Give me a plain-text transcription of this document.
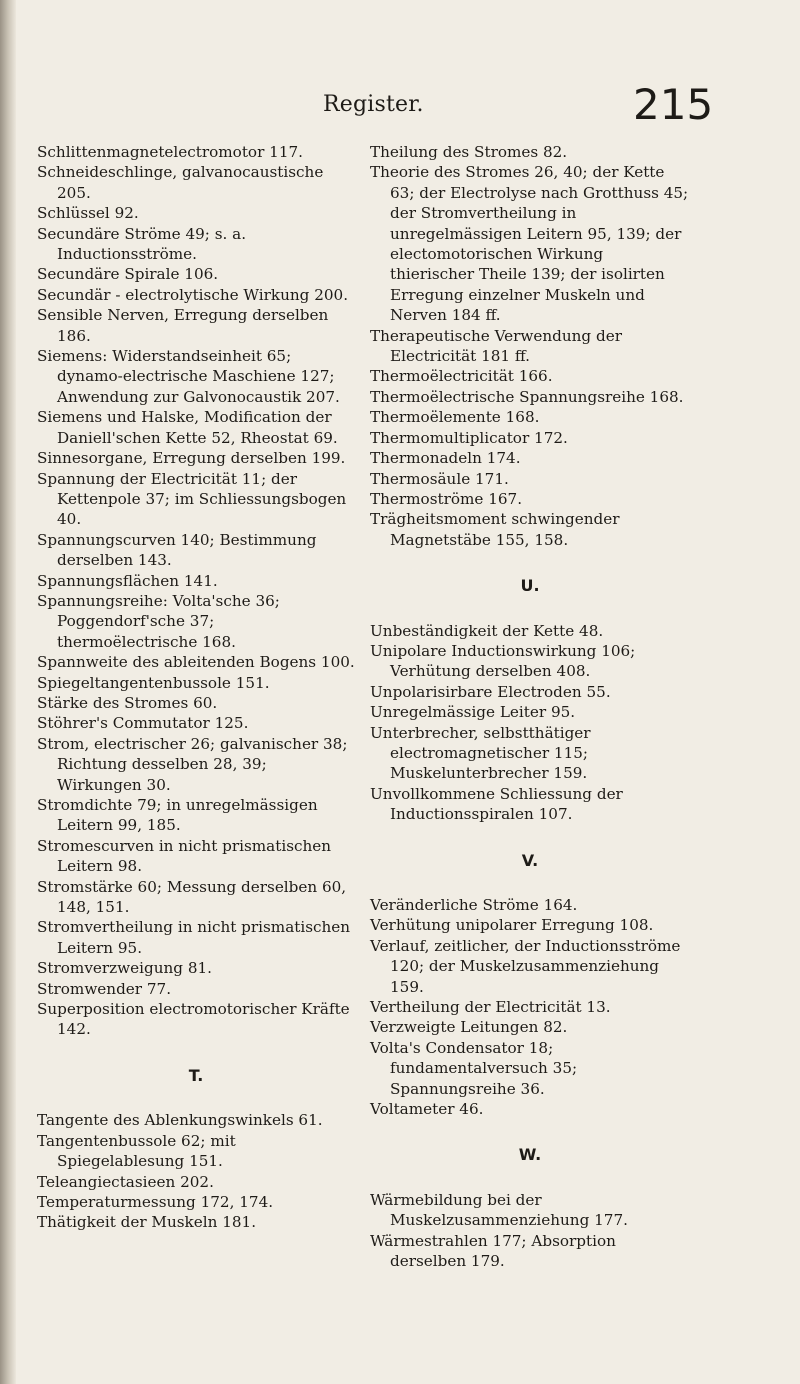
Register.	215

Schlittenmagnetelectromotor 117.

Schneideschlinge, galvanocaustische 205.

Schlüssel 92.

Secundäre Ströme 49; s. a. Inductionsströme.

Secundäre Spirale 106.

Secundär - electrolytische Wirkung 200.

Sensible Nerven, Erregung derselben 186.

Siemens: Widerstandseinheit 65; dynamo-electrische Maschiene 127; Anwendung zur Galvonocaustik 207.

Siemens und Halske, Modification der Daniell'schen Kette 52, Rheostat 69.

Sinnesorgane, Erregung derselben 199.

Spannung der Electricität 11; der Kettenpole 37; im Schliessungsbogen 40.

Spannungscurven 140; Bestimmung derselben 143.

Spannungsflächen 141.

Spannungsreihe: Volta'sche 36; Poggendorf'sche 37; thermoëlectrische 168.

Spannweite des ableitenden Bogens 100.

Spiegeltangentenbussole 151.

Stärke des Stromes 60.

Stöhrer's Commutator 125.

Strom, electrischer 26; galvanischer 38; Richtung desselben 28, 39; Wirkungen 30.

Stromdichte 79; in unregelmässigen Leitern 99, 185.

Stromescurven in nicht prismatischen Leitern 98.

Stromstärke 60; Messung derselben 60, 148, 151.

Stromvertheilung in nicht prismatischen Leitern 95.

Stromverzweigung 81.

Stromwender 77.

Superposition electromotorischer Kräfte 142.

T.

Tangente des Ablenkungswinkels 61.

Tangentenbussole 62; mit Spiegelablesung 151.

Teleangiectasieen 202.

Temperaturmessung 172, 174.

Thätigkeit der Muskeln 181.

Theilung des Stromes 82.

Theorie des Stromes 26, 40; der Kette 63; der Electrolyse nach Grotthuss 45; der Stromvertheilung in unregelmässigen Leitern 95, 139; der electomotorischen Wirkung thierischer Theile 139; der isolirten Erregung einzelner Muskeln und Nerven 184 ff.

Therapeutische Verwendung der Electricität 181 ff.

Thermoëlectricität 166.

Thermoëlectrische Spannungsreihe 168.

Thermoëlemente 168.

Thermomultiplicator 172.

Thermonadeln 174.

Thermosäule 171.

Thermoströme 167.

Trägheitsmoment schwingender Magnetstäbe 155, 158.

U.

Unbeständigkeit der Kette 48.

Unipolare Inductionswirkung 106; Verhütung derselben 408.

Unpolarisirbare Electroden 55.

Unregelmässige Leiter 95.

Unterbrecher, selbstthätiger electromagnetischer 115; Muskelunterbrecher 159.

Unvollkommene Schliessung der Inductionsspiralen 107.

V.

Veränderliche Ströme 164.

Verhütung unipolarer Erregung 108.

Verlauf, zeitlicher, der Inductionsströme 120; der Muskelzusammenziehung 159.

Vertheilung der Electricität 13.

Verzweigte Leitungen 82.

Volta's Condensator 18; fundamentalversuch 35; Spannungsreihe 36.

Voltameter 46.

W.

Wärmebildung bei der Muskelzusammenziehung 177.

Wärmestrahlen 177; Absorption derselben 179.
